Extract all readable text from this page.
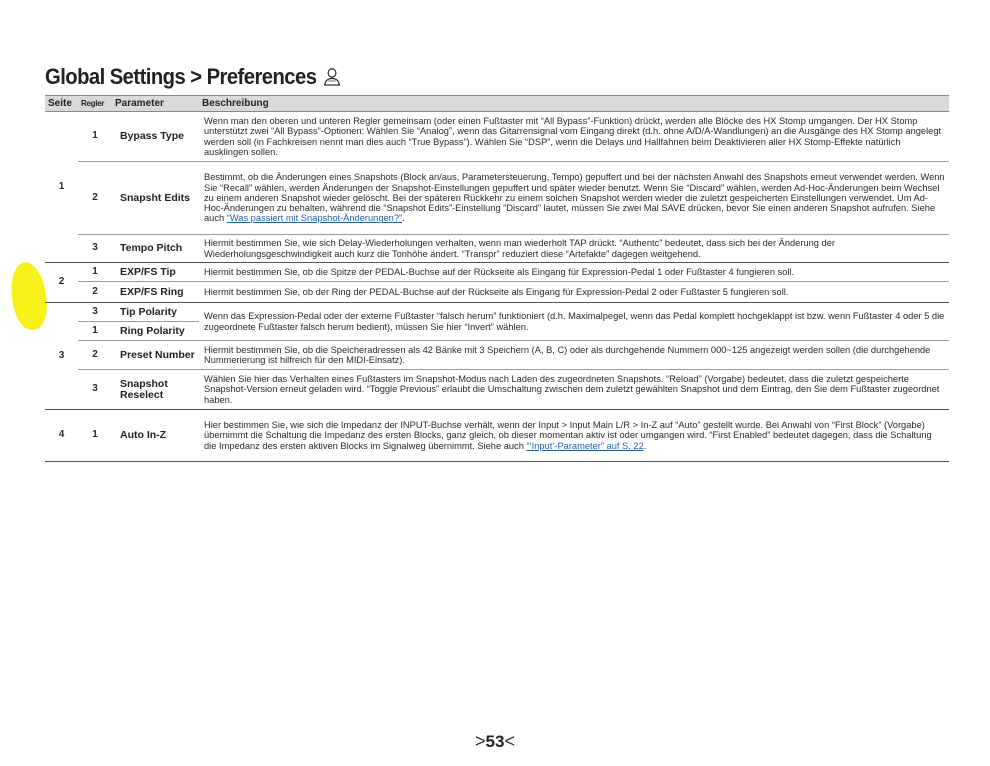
Global Settings > Preferences
Seite	Regler	Parameter	Beschreibung
1	1	Bypass Type	Wenn man den oberen und unteren Regler gemeinsam (oder einen Fußtaster mit “All Bypass”-Funktion) drückt, werden alle Blöcke des HX Stomp umgangen. Der HX Stomp unterstützt zwei “All Bypass”-Optionen: Wählen Sie “Analog”, wenn das Gitarrensignal vom Eingang direkt (d.h. ohne A/D/A-Wandlungen) an die Ausgänge des HX Stomp angelegt werden soll (in Fachkreisen nennt man dies auch “True Bypass”). Wählen Sie “DSP”, wenn die Delays und Hallfahnen beim Deaktivieren aller HX Stomp-Effekte natürlich ausklingen sollen.
	2	Snapsht Edits	Bestimmt, ob die Änderungen eines Snapshots (Block an/aus, Parametersteuerung, Tempo) gepuffert und bei der nächsten Anwahl des Snapshots erneut verwendet werden. Wenn Sie “Recall” wählen, werden Änderungen der Snapshot-Einstellungen gepuffert und später wieder benutzt. Wenn Sie “Discard” wählen, werden Ad-Hoc-Änderungen beim Wechsel zu einem anderen Snapshot wieder gelöscht. Bei der späteren Rückkehr zu einem solchen Snapshot werden wieder die zuletzt gespeicherten Einstellungen verwendet. Um Ad-Hoc-Änderungen zu behalten, während die “Snapshot Edits”-Einstellung “Discard” lautet, müssen Sie zwei Mal SAVE drücken, bevor Sie einen anderen Snapshot aufrufen. Siehe auch “Was passiert mit Snapshot-Änderungen?”.
	3	Tempo Pitch	Hiermit bestimmen Sie, wie sich Delay-Wiederholungen verhalten, wenn man wiederholt TAP drückt. “Authentc” bedeutet, dass sich bei der Änderung der Wiederholungsgeschwindigkeit auch kurz die Tonhöhe ändert. “Transpr” reduziert diese “Artefakte” dagegen weitgehend.
2	1	EXP/FS Tip	Hiermit bestimmen Sie, ob die Spitze der PEDAL-Buchse auf der Rückseite als Eingang für Expression-Pedal 1 oder Fußtaster 4 fungieren soll.
	2	EXP/FS Ring	Hiermit bestimmen Sie, ob der Ring der PEDAL-Buchse auf der Rückseite als Eingang für Expression-Pedal 2 oder Fußtaster 5 fungieren soll.
3	3	Tip Polarity	Wenn das Expression-Pedal oder der externe Fußtaster “falsch herum” funktioniert (d.h. Maximalpegel, wenn das Pedal komplett hochgeklappt ist bzw. wenn Fußtaster 4 oder 5 die zugeordnete Fußtaster falsch herum bedient), müssen Sie hier “Invert” wählen.
	1	Ring Polarity	
	2	Preset Number	Hiermit bestimmen Sie, ob die Speicheradressen als 42 Bänke mit 3 Speichern (A, B, C) oder als durchgehende Nummern 000~125 angezeigt werden sollen (die durchgehende Nummerierung ist hilfreich für den MIDI-Einsatz).
	3	Snapshot Reselect	Wählen Sie hier das Verhalten eines Fußtasters im Snapshot-Modus nach Laden des zugeordneten Snapshots. “Reload” (Vorgabe) bedeutet, dass die zuletzt gespeicherte Snapshot-Version erneut geladen wird. “Toggle Previous” erlaubt die Umschaltung zwischen dem zuletzt gewählten Snapshot und dem Eintrag, den Sie dem Fußtaster zugeordnet haben.
4	1	Auto In-Z	Hier bestimmen Sie, wie sich die Impedanz der INPUT-Buchse verhält, wenn der Input > Input Main L/R > In-Z auf “Auto” gestellt wurde. Bei Anwahl von “First Block” (Vorgabe) übernimmt die Schaltung die Impedanz des ersten Blocks, ganz gleich, ob dieser momentan aktiv ist oder umgangen wird. “First Enabled” bedeutet dagegen, dass die Schaltung die Impedanz des ersten aktiven Blocks im Signalweg übernimmt. Siehe auch “‘Input’-Parameter” auf S. 22.
>53<
